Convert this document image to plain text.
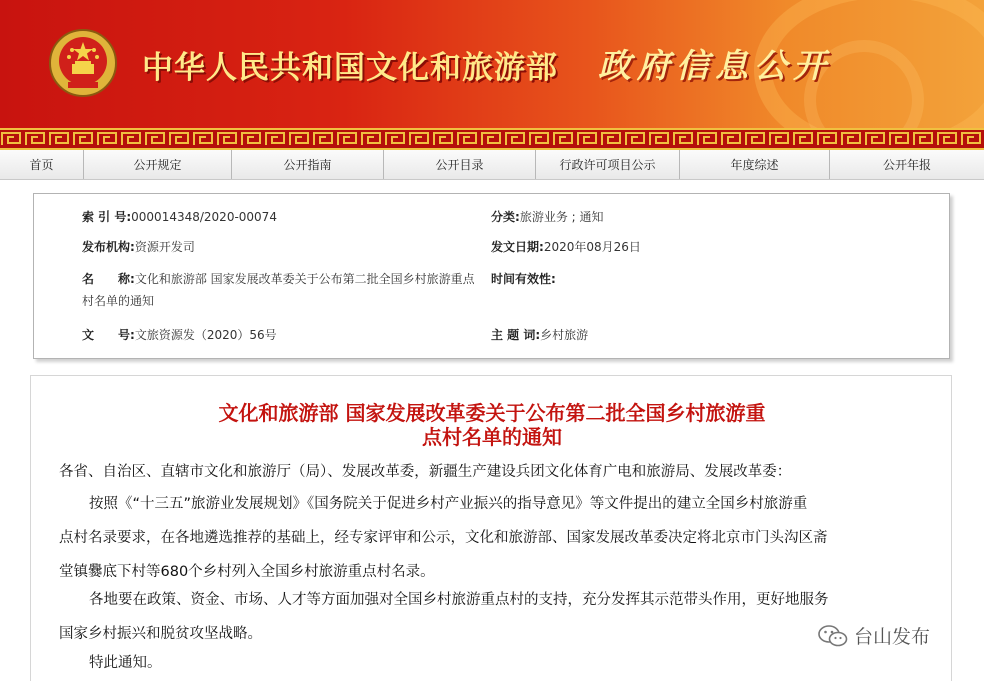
中华人民共和国文化和旅游部 政府信息公开
首页	公开规定	公开指南	公开目录	行政许可项目公示	年度综述	公开年报
索 引 号:000014348/2020-00074	分类:旅游业务 ; 通知
发布机构:资源开发司	发文日期:2020年08月26日
名　　称:文化和旅游部 国家发展改革委关于公布第二批全国乡村旅游重点
村名单的通知
时间有效性:
文　　号:文旅资源发（2020）56号	主 题 词:乡村旅游
文化和旅游部 国家发展改革委关于公布第二批全国乡村旅游重
点村名单的通知
各省、自治区、直辖市文化和旅游厅（局）、发展改革委，新疆生产建设兵团文化体育广电和旅游局、发展改革委：
按照《“十三五”旅游业发展规划》《国务院关于促进乡村产业振兴的指导意见》等文件提出的建立全国乡村旅游重
点村名录要求，在各地遴选推荐的基础上，经专家评审和公示，文化和旅游部、国家发展改革委决定将北京市门头沟区斋
堂镇爨底下村等680个乡村列入全国乡村旅游重点村名录。
各地要在政策、资金、市场、人才等方面加强对全国乡村旅游重点村的支持，充分发挥其示范带头作用，更好地服务
国家乡村振兴和脱贫攻坚战略。
特此通知。
台山发布
